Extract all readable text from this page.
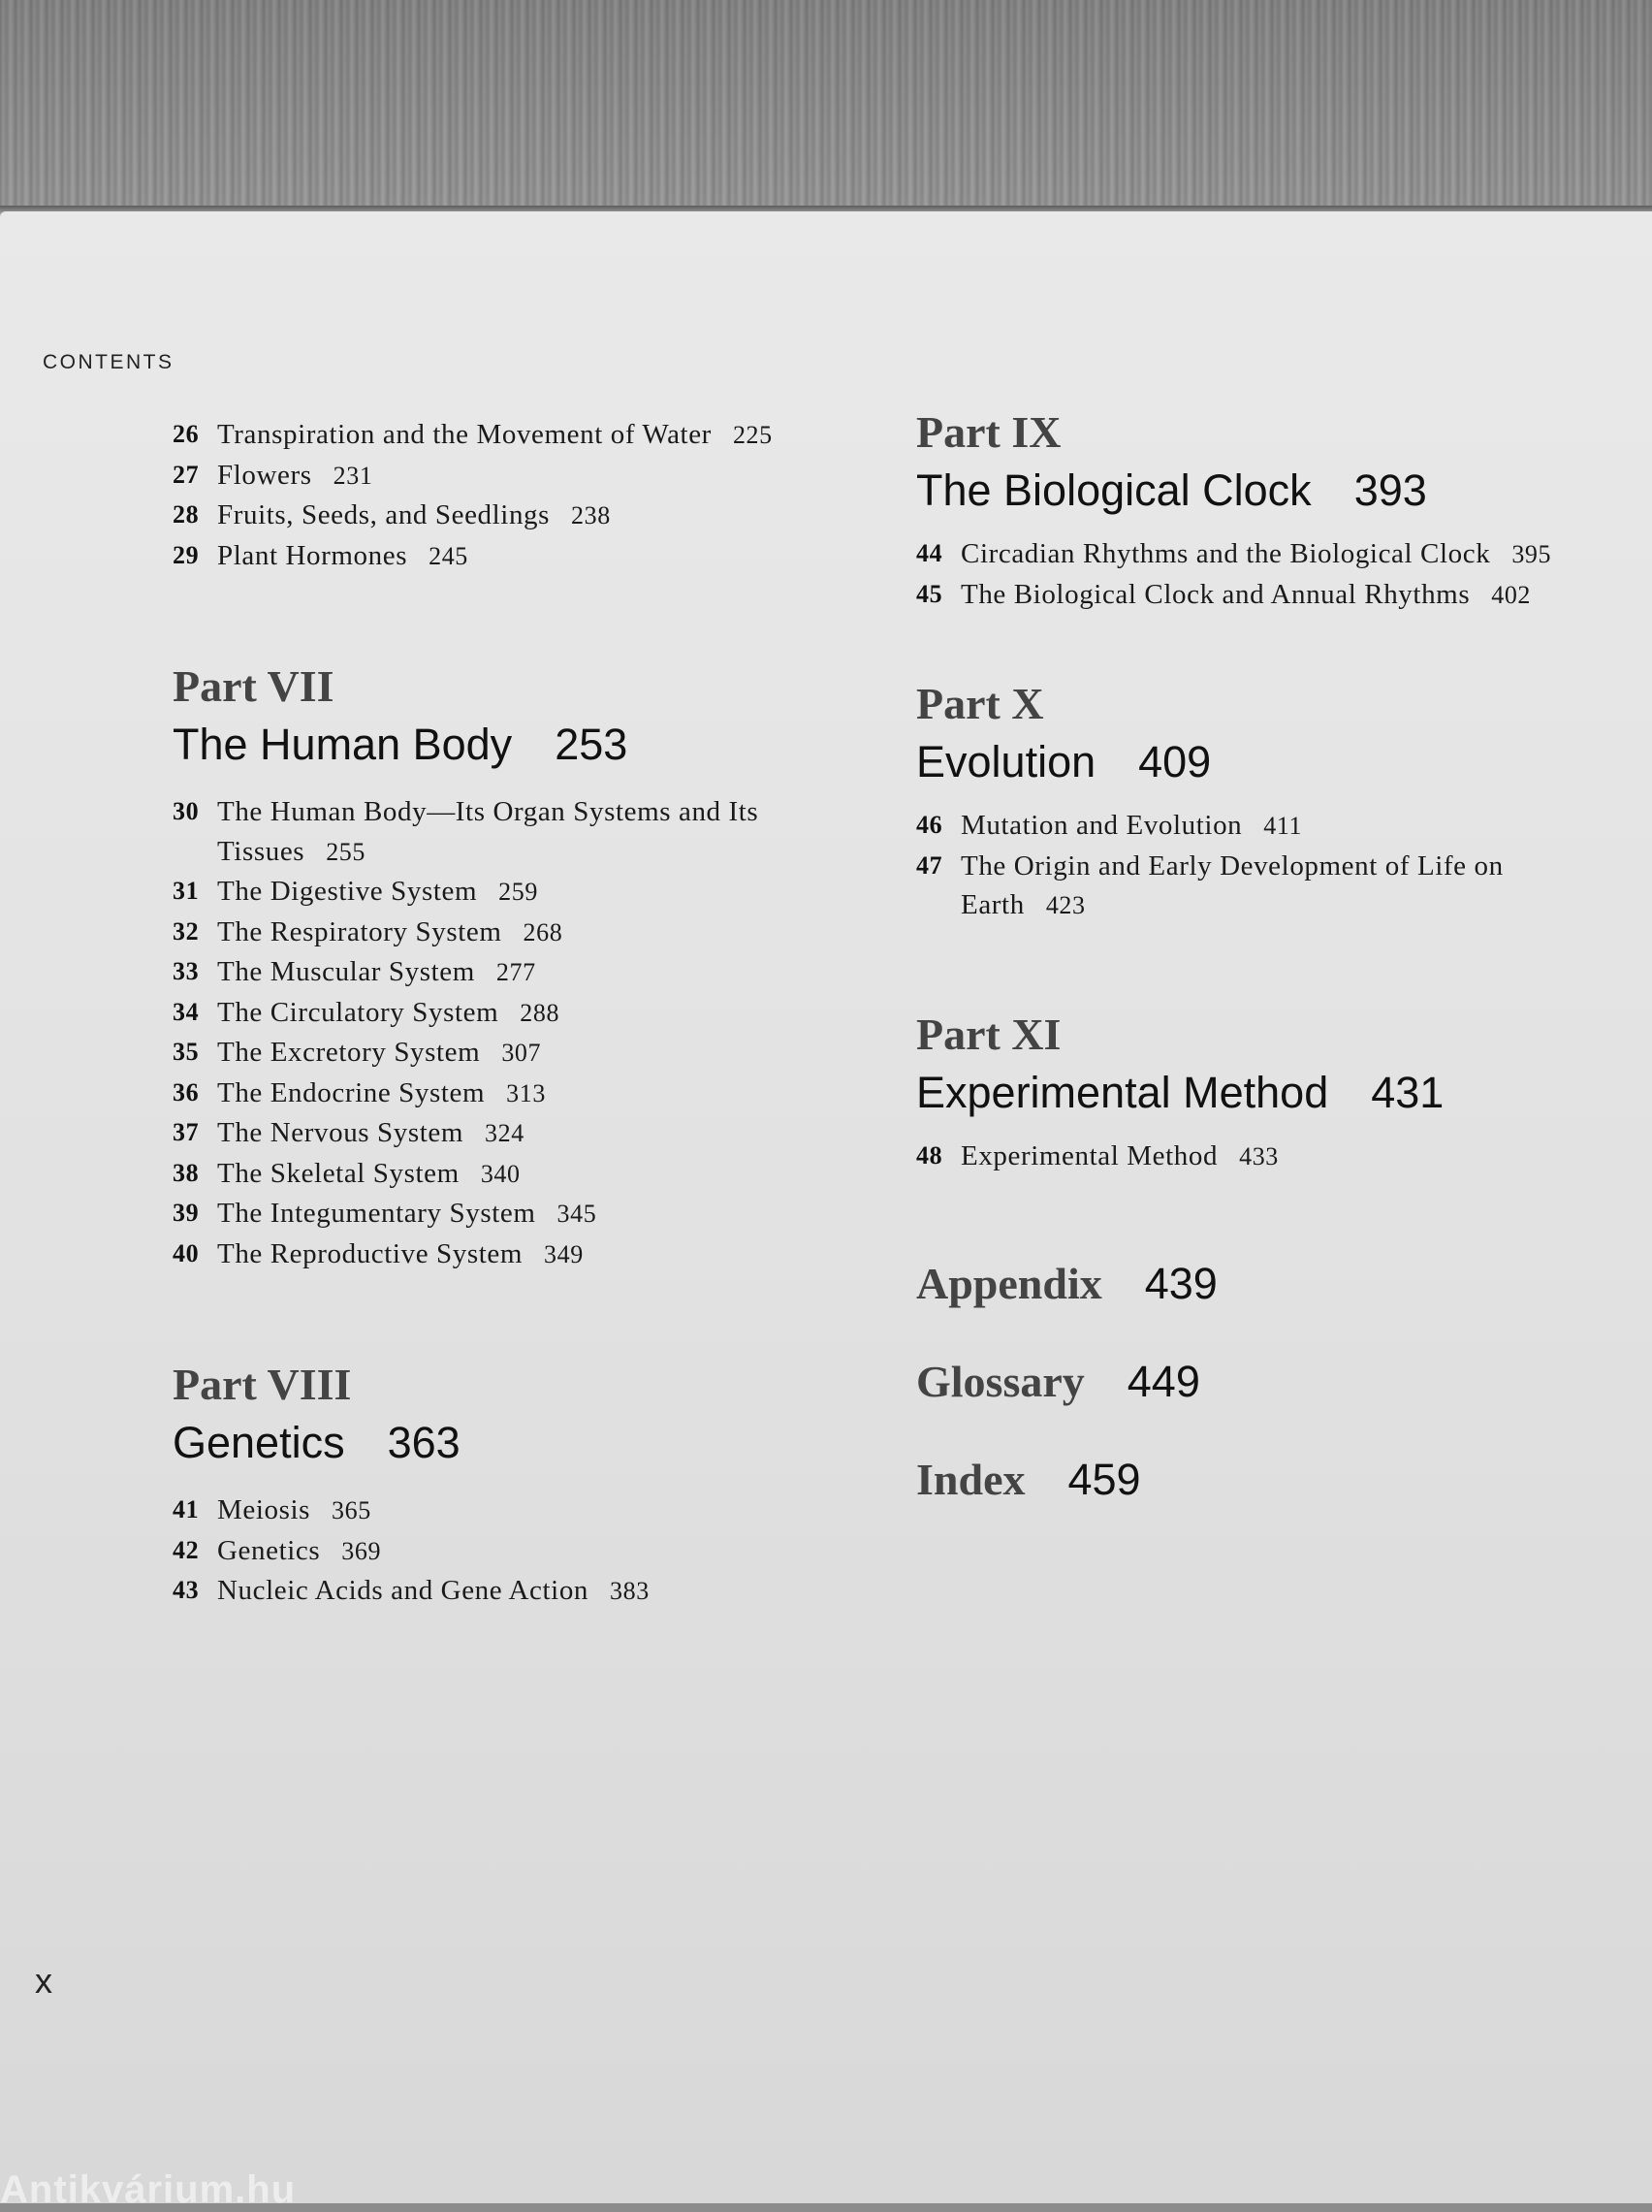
CONTENTS
26 Transpiration and the Movement of Water 225
27 Flowers 231
28 Fruits, Seeds, and Seedlings 238
29 Plant Hormones 245
Part VII
The Human Body 253
30 The Human Body—Its Organ Systems and Its Tissues 255
31 The Digestive System 259
32 The Respiratory System 268
33 The Muscular System 277
34 The Circulatory System 288
35 The Excretory System 307
36 The Endocrine System 313
37 The Nervous System 324
38 The Skeletal System 340
39 The Integumentary System 345
40 The Reproductive System 349
Part VIII
Genetics 363
41 Meiosis 365
42 Genetics 369
43 Nucleic Acids and Gene Action 383
Part IX
The Biological Clock 393
44 Circadian Rhythms and the Biological Clock 395
45 The Biological Clock and Annual Rhythms 402
Part X
Evolution 409
46 Mutation and Evolution 411
47 The Origin and Early Development of Life on Earth 423
Part XI
Experimental Method 431
48 Experimental Method 433
Appendix 439
Glossary 449
Index 459
x
Antikvárium.hu
